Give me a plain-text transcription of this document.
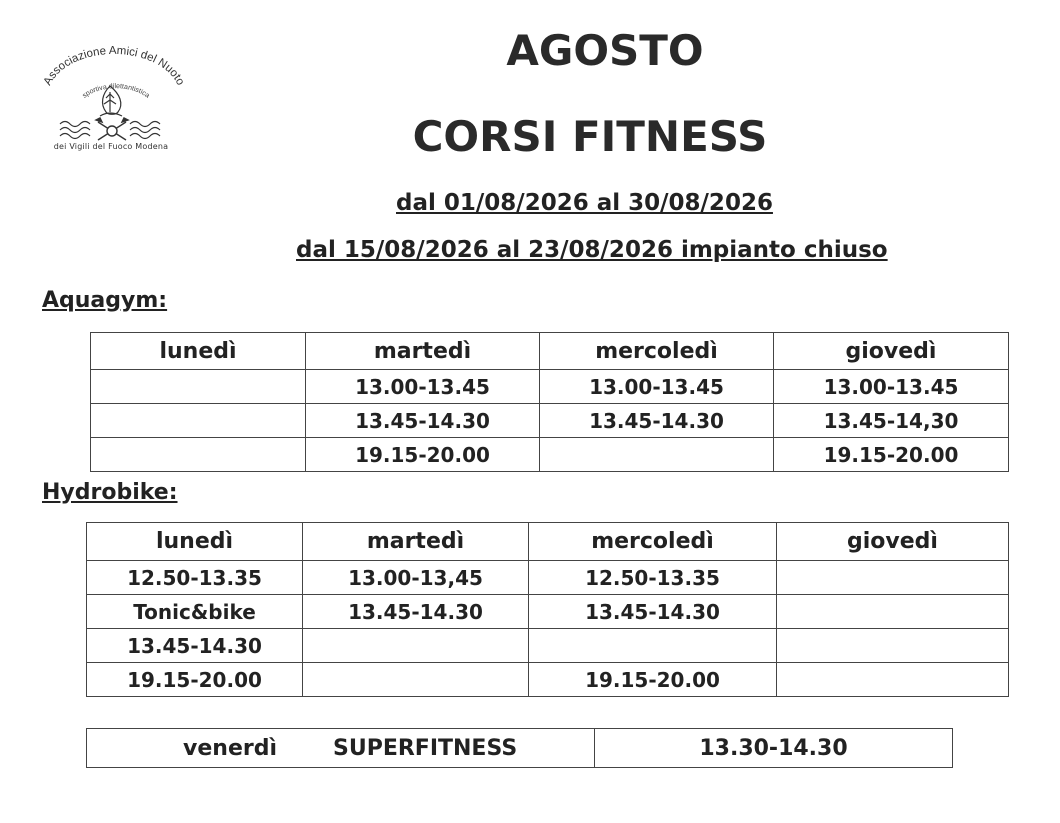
Associazione Amici del Nuoto
sportiva dilettantistica
dei Vigili del Fuoco Modena
AGOSTO
CORSI FITNESS
dal 01/08/2026 al 30/08/2026
dal 15/08/2026 al 23/08/2026 impianto chiuso
Aquagym:
lunedì	martedì	mercoledì	giovedì
	13.00-13.45	13.00-13.45	13.00-13.45
	13.45-14.30	13.45-14.30	13.45-14,30
	19.15-20.00		19.15-20.00
Hydrobike:
lunedì	martedì	mercoledì	giovedì
12.50-13.35	13.00-13,45	12.50-13.35	
Tonic&bike	13.45-14.30	13.45-14.30	
13.45-14.30			
19.15-20.00		19.15-20.00	
venerdì	SUPERFITNESS	13.30-14.30
